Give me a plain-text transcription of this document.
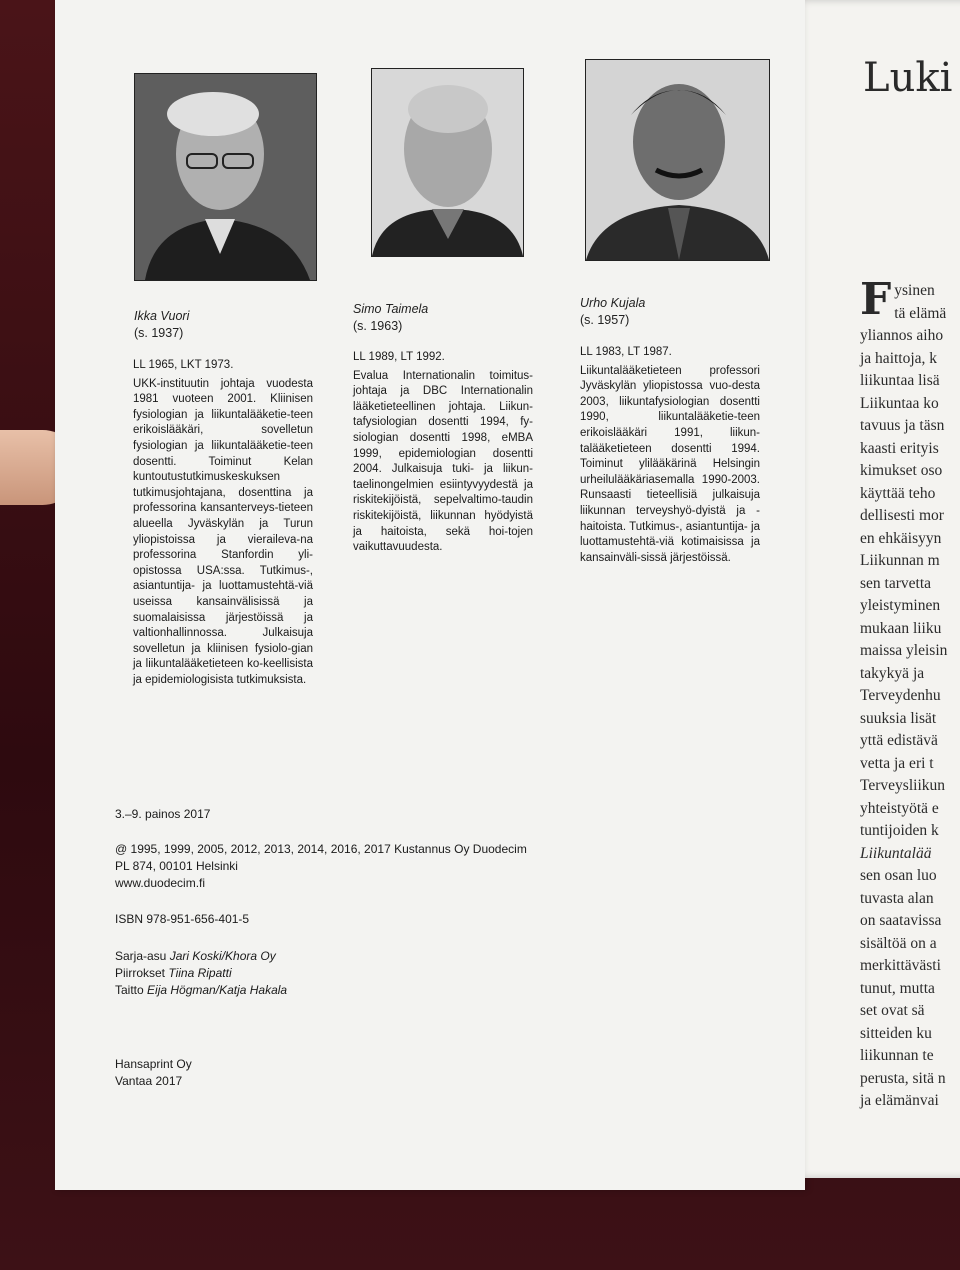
Ikka Vuori
(s. 1937)
Simo Taimela
(s. 1963)
Urho Kujala
(s. 1957)

LL 1965, LKT 1973.

UKK-instituutin johtaja vuodesta 1981 vuoteen 2001. Kliinisen fysiologian ja liikuntalääketie-teen erikoislääkäri, sovelletun fysiologian ja liikuntalääketie-teen dosentti. Toiminut Kelan kuntoutustutkimuskeskuksen tutkimusjohtajana, dosenttina ja professorina kansanterveys-tieteen alueella Jyväskylän ja Turun yliopistoissa ja vieraileva-na professorina Stanfordin yli-opistossa USA:ssa. Tutkimus-, asiantuntija- ja luottamustehtä-viä useissa kansainvälisissä ja suomalaisissa järjestöissä ja valtionhallinnossa. Julkaisuja sovelletun ja kliinisen fysiolo-gian ja liikuntalääketieteen ko-keellisista ja epidemiologisista tutkimuksista.

LL 1989, LT 1992.

Evalua Internationalin toimitus-johtaja ja DBC Internationalin lääketieteellinen johtaja. Liikun-tafysiologian dosentti 1994, fy-siologian dosentti 1998, eMBA 1999, epidemiologian dosentti 2004. Julkaisuja tuki- ja liikun-taelinongelmien esiintyvyydestä ja riskitekijöistä, sepelvaltimo-taudin riskitekijöistä, liikunnan hyödyistä ja haitoista, sekä hoi-tojen vaikuttavuudesta.

LL 1983, LT 1987.

Liikuntalääketieteen professori Jyväskylän yliopistossa vuo-desta 2003, liikuntafysiologian dosentti 1990, liikuntalääketie-teen erikoislääkäri 1991, liikun-talääketieteen dosentti 1994. Toiminut ylilääkärinä Helsingin urheilulääkäriasemalla 1990-2003. Runsaasti tieteellisiä julkaisuja liikunnan terveyshyö-dyistä ja -haitoista. Tutkimus-, asiantuntija- ja luottamustehtä-viä kotimaisissa ja kansainväli-sissä järjestöissä.

3.–9. painos 2017
@ 1995, 1999, 2005, 2012, 2013, 2014, 2016, 2017 Kustannus Oy Duodecim
PL 874, 00101 Helsinki
www.duodecim.fi
ISBN 978-951-656-401-5
Sarja-asu Jari Koski/Khora Oy
Piirrokset Tiina Ripatti
Taitto Eija Högman/Katja Hakala
Hansaprint Oy
Vantaa 2017
Luki
F ysinen
tä elämä
yliannos aiho
ja haittoja, k
liikuntaa lisä
Liikuntaa ko
tavuus ja täsn
kaasti erityis
kimukset oso
käyttää teho
dellisesti mor
en ehkäisyyn
Liikunnan m
sen tarvetta
yleistyminen
mukaan liiku
maissa yleisin
takykyä ja
Terveydenhu
suuksia lisät
yttä edistävä
vetta ja eri t
Terveysliikun
yhteistyötä e
tuntijoiden k
Liikuntalää
sen osan luo
tuvasta alan
on saatavissa
sisältöä on a
merkittävästi
tunut, mutta
set ovat sä
sitteiden ku
liikunnan te
perusta, sitä n
ja elämänvai
